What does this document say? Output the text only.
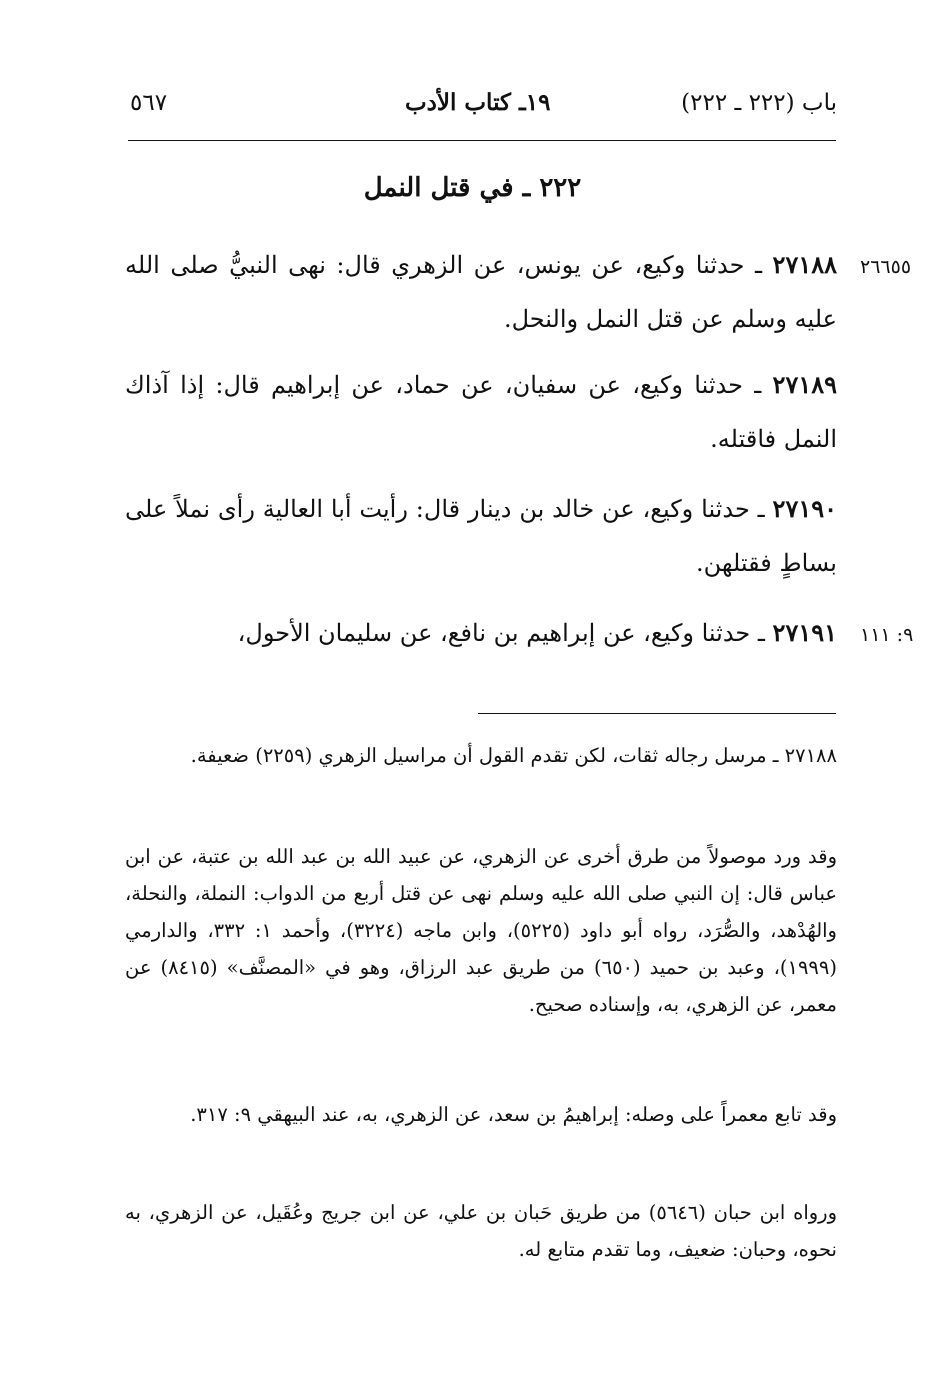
باب (٢٢٢ ـ ٢٢٢)
١٩ـ كتاب الأدب
٥٦٧
٢٢٢ ـ في قتل النمل
٢٧١٨٨ ـ حدثنا وكيع، عن يونس، عن الزهري قال: نهى النبيُّ صلى الله عليه وسلم عن قتل النمل والنحل.
٢٦٦٥٥
٢٧١٨٩ ـ حدثنا وكيع، عن سفيان، عن حماد، عن إبراهيم قال: إذا آذاك النمل فاقتله.
٢٧١٩٠ ـ حدثنا وكيع، عن خالد بن دينار قال: رأيت أبا العالية رأى نملاً على بساطٍ فقتلهن.
٢٧١٩١ ـ حدثنا وكيع، عن إبراهيم بن نافع، عن سليمان الأحول،	٩: ١١١
٢٧١٨٨ ـ مرسل رجاله ثقات، لكن تقدم القول أن مراسيل الزهري (٢٢٥٩) ضعيفة.
وقد ورد موصولاً من طرق أخرى عن الزهري، عن عبيد الله بن عبد الله بن عتبة، عن ابن عباس قال: إن النبي صلى الله عليه وسلم نهى عن قتل أربع من الدواب: النملة، والنحلة، والهُدْهد، والصُّرَد، رواه أبو داود (٥٢٢٥)، وابن ماجه (٣٢٢٤)، وأحمد ١: ٣٣٢، والدارمي (١٩٩٩)، وعبد بن حميد (٦٥٠) من طريق عبد الرزاق، وهو في «المصنَّف» (٨٤١٥) عن معمر، عن الزهري، به، وإسناده صحيح.
وقد تابع معمراً على وصله: إبراهيمُ بن سعد، عن الزهري، به، عند البيهقي ٩: ٣١٧.
ورواه ابن حبان (٥٦٤٦) من طريق حَبان بن علي، عن ابن جريج وعُقَيل، عن الزهري، به نحوه، وحبان: ضعيف، وما تقدم متابع له.
